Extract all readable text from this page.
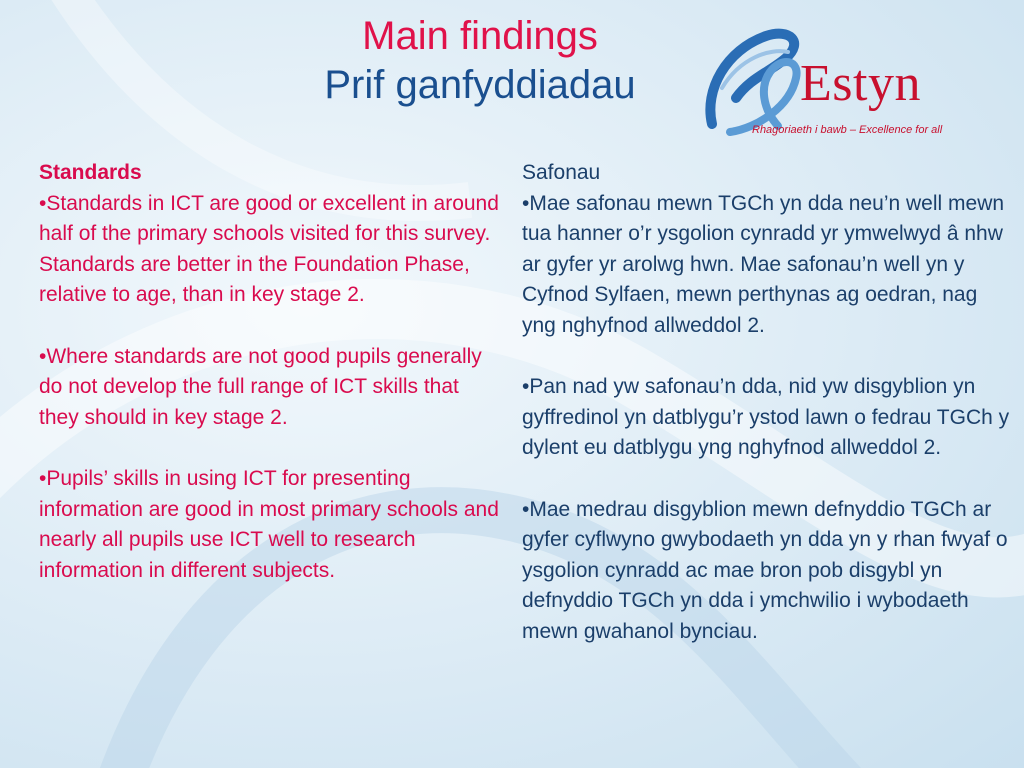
Main findings
Prif ganfyddiadau	Estyn
Rhagoriaeth i bawb – Excellence for all
Standards

•Standards in ICT are good or excellent in around half of the primary schools visited for this survey. Standards are better in the Foundation Phase, relative to age, than in key stage 2.

•Where standards are not good pupils generally do not develop the full range of ICT skills that they should in key stage 2.

•Pupils’ skills in using ICT for presenting information are good in most primary schools and nearly all pupils use ICT well to research information in different subjects.

Safonau

•Mae safonau mewn TGCh yn dda neu’n well mewn tua hanner o’r ysgolion cynradd yr ymwelwyd â nhw ar gyfer yr arolwg hwn. Mae safonau’n well yn y Cyfnod Sylfaen, mewn perthynas ag oedran, nag yng nghyfnod allweddol 2.

•Pan nad yw safonau’n dda, nid yw disgyblion yn gyffredinol yn datblygu’r ystod lawn o fedrau TGCh y dylent eu datblygu yng nghyfnod allweddol 2.

•Mae medrau disgyblion mewn defnyddio TGCh ar gyfer cyflwyno gwybodaeth yn dda yn y rhan fwyaf o ysgolion cynradd ac mae bron pob disgybl yn defnyddio TGCh yn dda i ymchwilio i wybodaeth mewn gwahanol bynciau.
